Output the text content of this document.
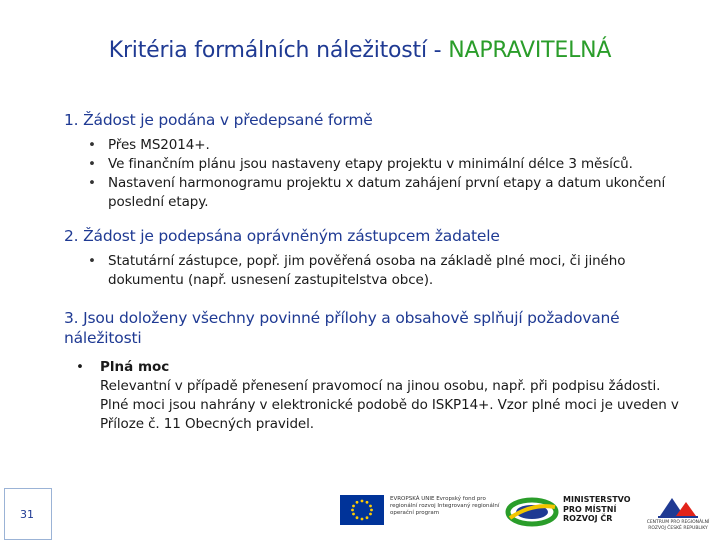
Kritéria formálních náležitostí - NAPRAVITELNÁ

1. Žádost je podána v předepsané formě

• Přes MS2014+.
• Ve finančním plánu jsou nastaveny etapy projektu v minimální délce 3 měsíců.
• Nastavení harmonogramu projektu x datum zahájení první etapy a datum ukončení poslední etapy.

2. Žádost je podepsána oprávněným zástupcem žadatele

• Statutární zástupce, popř. jim pověřená osoba na základě plné moci, či jiného dokumentu (např. usnesení zastupitelstva obce).

3. Jsou doloženy všechny povinné přílohy a obsahově splňují požadované náležitosti

• Plná moc
Relevantní v případě přenesení pravomocí na jinou osobu, např. při podpisu žádosti.
Plné moci jsou nahrány v elektronické podobě do ISKP14+. Vzor plné moci je uveden v Příloze č. 11 Obecných pravidel.
31
EVROPSKÁ UNIE Evropský fond pro regionální rozvoj Integrovaný regionální operační program
MINISTERSTVO PRO MÍSTNÍ ROZVOJ ČR	CENTRUM PRO REGIONÁLNÍ ROZVOJ ČESKÉ REPUBLIKY
